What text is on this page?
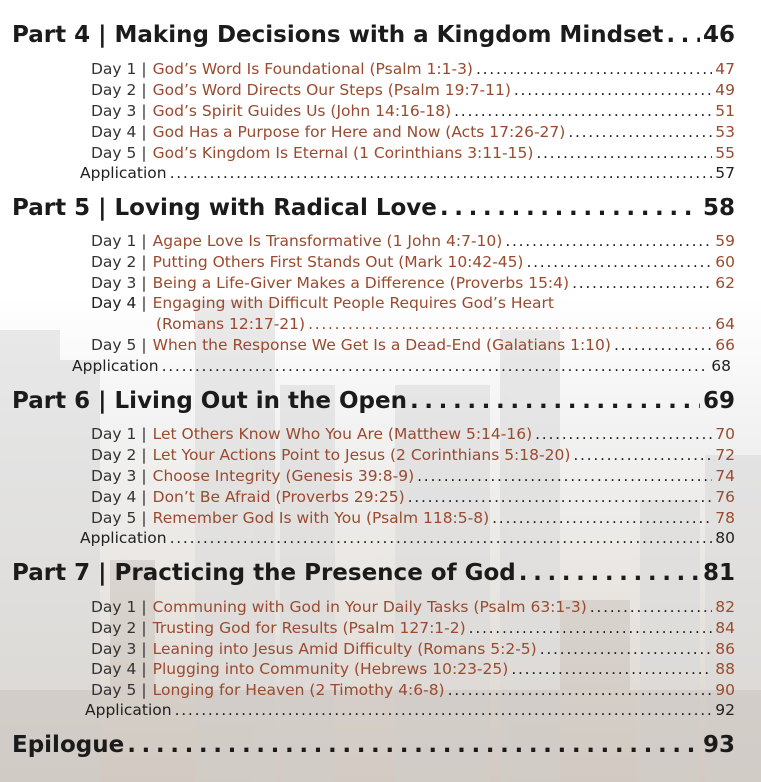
Part 4 | Making Decisions with a Kingdom Mindset . . . 46
Day 1 | God’s Word Is Foundational (Psalm 1:1-3) . . .	47
Day 2 | God’s Word Directs Our Steps (Psalm 19:7-11) . . .	49
Day 3 | God’s Spirit Guides Us (John 14:16-18) . . .	51
Day 4 | God Has a Purpose for Here and Now (Acts 17:26-27) . . .	53
Day 5 | God’s Kingdom Is Eternal (1 Corinthians 3:11-15) . . .	55
Application . . .	57
Part 5 | Loving with Radical Love . . .	58
Day 1 | Agape Love Is Transformative (1 John 4:7-10) . . .	59
Day 2 | Putting Others First Stands Out (Mark 10:42-45) . . .	60
Day 3 | Being a Life-Giver Makes a Difference (Proverbs 15:4) . . .	62
Day 4 | Engaging with Difficult People Requires God’s Heart
(Romans 12:17-21) . . .	64
Day 5 | When the Response We Get Is a Dead-End (Galatians 1:10) . . .	66
Application . . .	68
Part 6 | Living Out in the Open . . .	69
Day 1 | Let Others Know Who You Are (Matthew 5:14-16) . . .	70
Day 2 | Let Your Actions Point to Jesus (2 Corinthians 5:18-20) . . .	72
Day 3 | Choose Integrity (Genesis 39:8-9) . . .	74
Day 4 | Don’t Be Afraid (Proverbs 29:25) . . .	76
Day 5 | Remember God Is with You (Psalm 118:5-8) . . .	78
Application . . .	80
Part 7 | Practicing the Presence of God . . .	81
Day 1 | Communing with God in Your Daily Tasks (Psalm 63:1-3) . . .	82
Day 2 | Trusting God for Results (Psalm 127:1-2) . . .	84
Day 3 | Leaning into Jesus Amid Difficulty (Romans 5:2-5) . . .	86
Day 4 | Plugging into Community (Hebrews 10:23-25) . . .	88
Day 5 | Longing for Heaven (2 Timothy 4:6-8) . . .	90
Application . . .	92
Epilogue . . .	93
